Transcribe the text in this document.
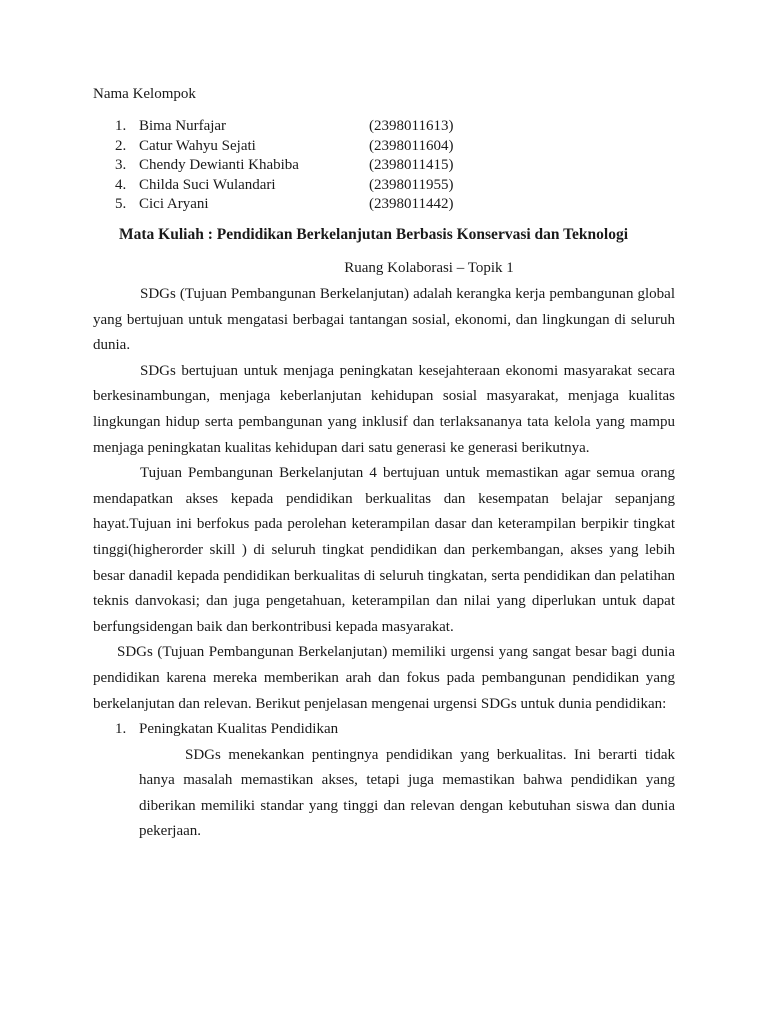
Nama Kelompok
1. Bima Nurfajar	(2398011613)
2. Catur Wahyu Sejati	(2398011604)
3. Chendy Dewianti Khabiba	(2398011415)
4. Childa Suci Wulandari	(2398011955)
5. Cici Aryani	(2398011442)
Mata Kuliah : Pendidikan Berkelanjutan Berbasis Konservasi dan Teknologi
Ruang Kolaborasi – Topik 1

SDGs (Tujuan Pembangunan Berkelanjutan) adalah kerangka kerja pembangunan global yang bertujuan untuk mengatasi berbagai tantangan sosial, ekonomi, dan lingkungan di seluruh dunia.

SDGs bertujuan untuk menjaga peningkatan kesejahteraan ekonomi masyarakat secara berkesinambungan, menjaga keberlanjutan kehidupan sosial masyarakat, menjaga kualitas lingkungan hidup serta pembangunan yang inklusif dan terlaksananya tata kelola yang mampu menjaga peningkatan kualitas kehidupan dari satu generasi ke generasi berikutnya.

Tujuan Pembangunan Berkelanjutan 4 bertujuan untuk memastikan agar semua orang mendapatkan akses kepada pendidikan berkualitas dan kesempatan belajar sepanjang hayat.Tujuan ini berfokus pada perolehan keterampilan dasar dan keterampilan berpikir tingkat tinggi(higherorder skill ) di seluruh tingkat pendidikan dan perkembangan, akses yang lebih besar danadil kepada pendidikan berkualitas di seluruh tingkatan, serta pendidikan dan pelatihan teknis danvokasi; dan juga pengetahuan, keterampilan dan nilai yang diperlukan untuk dapat berfungsidengan baik dan berkontribusi kepada masyarakat.

SDGs (Tujuan Pembangunan Berkelanjutan) memiliki urgensi yang sangat besar bagi dunia pendidikan karena mereka memberikan arah dan fokus pada pembangunan pendidikan yang berkelanjutan dan relevan. Berikut penjelasan mengenai urgensi SDGs untuk dunia pendidikan:

1. Peningkatan Kualitas Pendidikan

SDGs menekankan pentingnya pendidikan yang berkualitas. Ini berarti tidak hanya masalah memastikan akses, tetapi juga memastikan bahwa pendidikan yang diberikan memiliki standar yang tinggi dan relevan dengan kebutuhan siswa dan dunia pekerjaan.
